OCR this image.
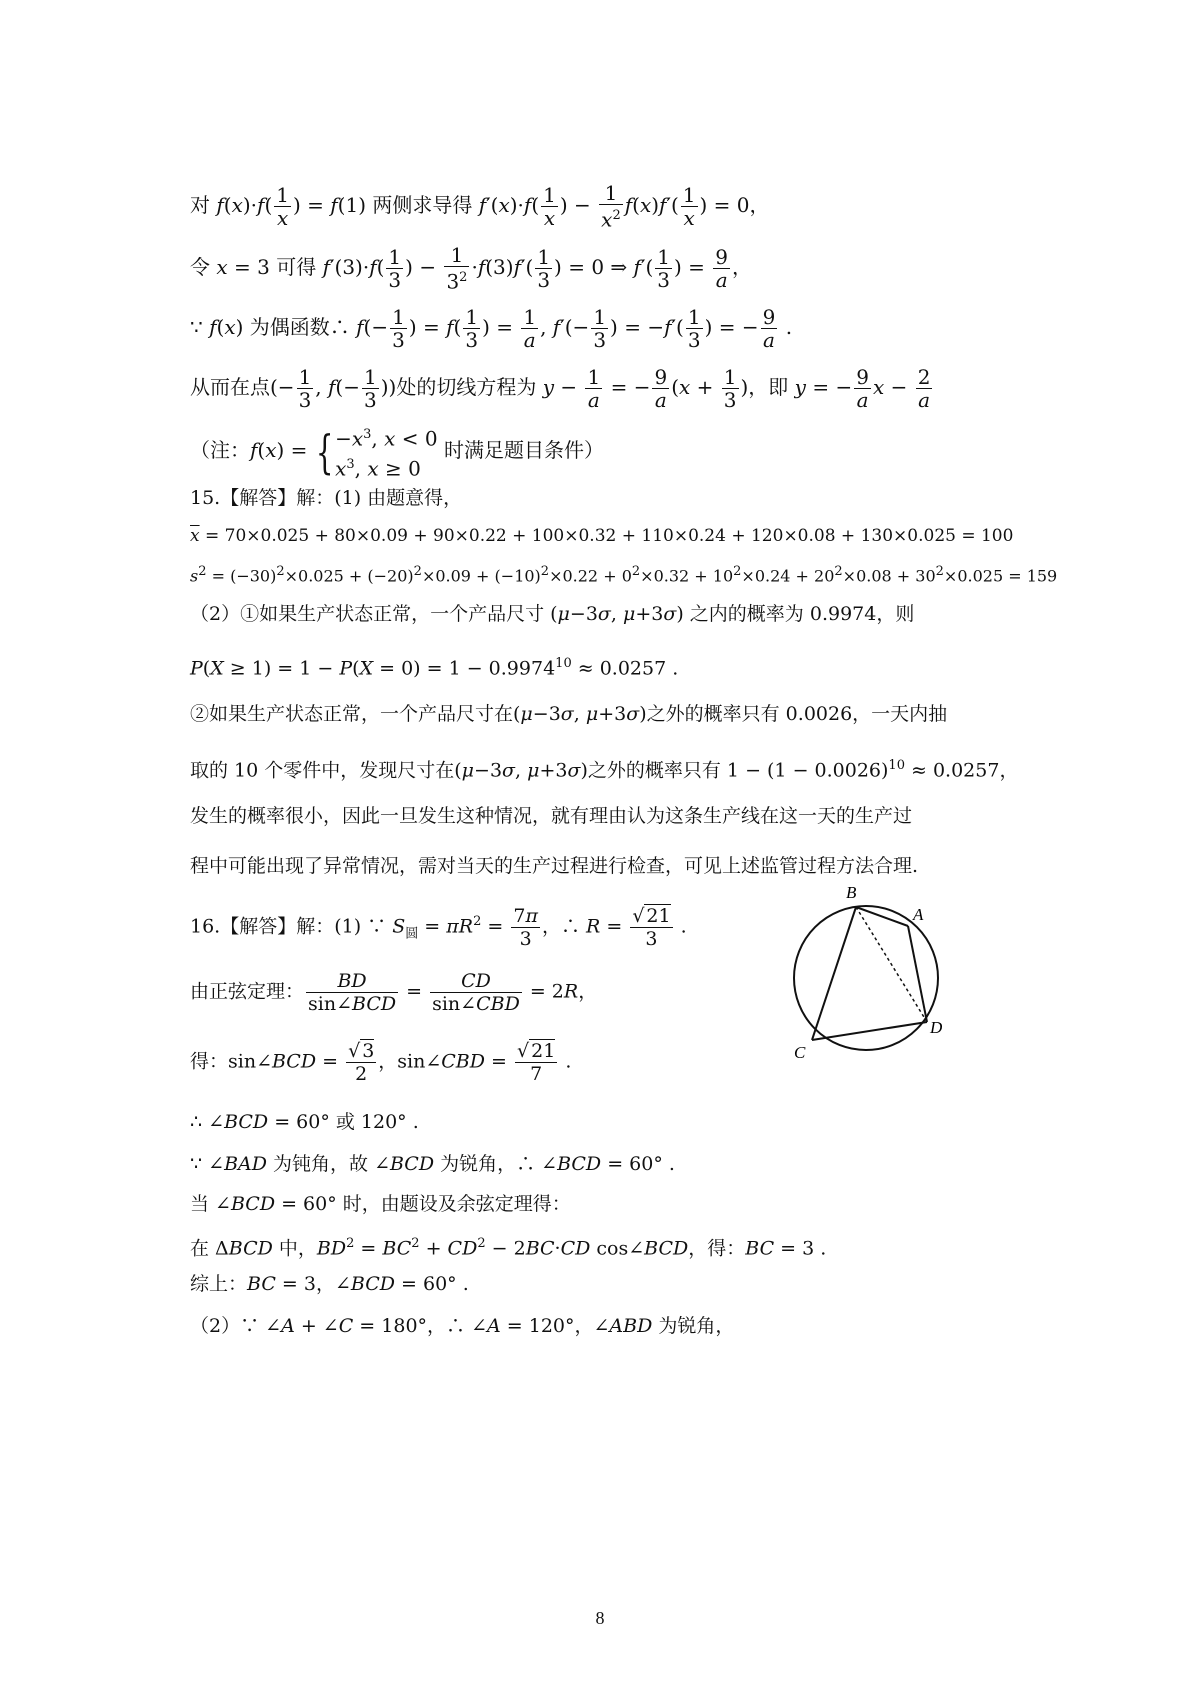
对 $f(x)\cdot f( \frac{1}{x}$ ) = f(1) 两侧求导得 $f'(x)\cdot f( \frac{1}{x}$ ) − $\frac{1}{x^2} f(x)f'( \frac{1}{x}$ ) = 0，
令 x = 3 可得 $f'(3)\cdot f( \frac{1}{3}$ ) − $\frac{1}{3^2} \cdot f(3)f'( \frac{1}{3}$ ) = 0 ⇒ $f'( \frac{1}{3}$ ) = $\frac{9}{a}$ ，
∵ f(x) 为偶函数∴ $f(- \frac{1}{3}$ ) = $f( \frac{1}{3}$ ) = $\frac{1}{a}$ , $f'(- \frac{1}{3}$ ) = $-f'( \frac{1}{3}$ ) = − $\frac{9}{a}$ .
从而在点(− $\frac{1}{3}$ , $f(- \frac{1}{3}$ ))处的切线方程为 $y - \frac{1}{a}$ = − $\frac{9}{a} (x + \frac{1}{3}$ )，即 y = − $\frac{9}{a}$ $x - \frac{2}{a}$
（注：f(x) = { $-x^3$, x < 0
$x^3$, x ≥ 0
时满足题目条件）
15.【解答】解：(1) 由题意得，
$\overline{x} = 70\times 0.025 + 80\times 0.09 + 90\times 0.22 + 100\times 0.32 + 110\times 0.24 + 120\times 0.08 + 130\times 0.025 = 100$
$s^2 = (-30)^2\times 0.025 + (-20)^2\times 0.09 + (-10)^2\times 0.22 + 0^2\times 0.32 + 10^2\times 0.24 + 20^2\times 0.08 + 30^2\times 0.025 = 159$
（2）①如果生产状态正常，一个产品尺寸 (μ−3σ, μ+3σ) 之内的概率为 0.9974，则
$P(X \ge 1) = 1 - P(X = 0) = 1 - 0.9974^{10} \approx 0.0257$ .
②如果生产状态正常，一个产品尺寸在(μ−3σ, μ+3σ)之外的概率只有 0.0026，一天内抽
取的 10 个零件中，发现尺寸在(μ−3σ, μ+3σ)之外的概率只有 $1 - (1 - 0.0026)^{10} \approx 0.0257$，
发生的概率很小，因此一旦发生这种情况，就有理由认为这条生产线在这一天的生产过
程中可能出现了异常情况，需对当天的生产过程进行检查，可见上述监管过程方法合理.
16.【解答】解：(1) ∵ $S_圆 = \pi R^2 = \frac{7\pi}{3}$ ，∴ $R = \frac{√ 21}{3}$ .
由正弦定理： $\frac{BD}{\text{sin∠BCD}} = \frac{CD}{\text{sin∠CBD}} = 2R$，
得：sin∠BCD = $\frac{√ 3}{2}$ ，sin∠CBD = $\frac{√ 21}{7}$ .
∴ ∠BCD = 60° 或 120° .
∵ ∠BAD 为钝角，故 ∠BCD 为锐角，∴ ∠BCD = 60° .
当 ∠BCD = 60° 时，由题设及余弦定理得：
在 ΔBCD 中，$BD^2 = BC^2 + CD^2 - 2BC\cdot CD$ cos∠BCD，得：BC = 3 .
综上：BC = 3，∠BCD = 60° .
（2）∵ ∠A + ∠C = 180°，∴ ∠A = 120°，∠ABD 为锐角，
B
A
D
C
8
